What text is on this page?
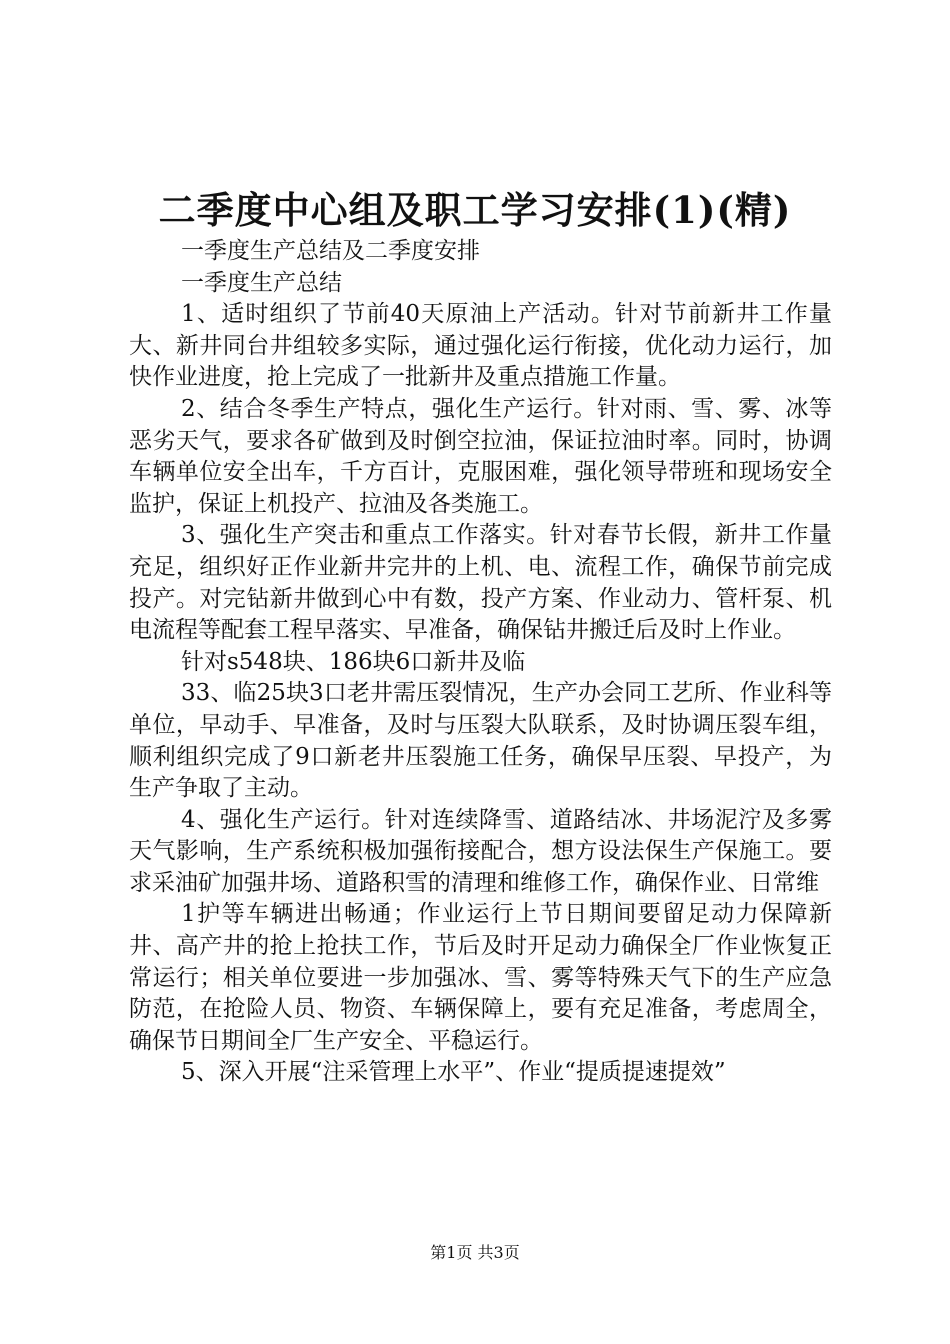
二季度中心组及职工学习安排(1)(精)

一季度生产总结及二季度安排

一季度生产总结

1、适时组织了节前40天原油上产活动。针对节前新井工作量大、新井同台井组较多实际，通过强化运行衔接，优化动力运行，加快作业进度，抢上完成了一批新井及重点措施工作量。

2、结合冬季生产特点，强化生产运行。针对雨、雪、雾、冰等恶劣天气，要求各矿做到及时倒空拉油，保证拉油时率。同时，协调车辆单位安全出车，千方百计，克服困难，强化领导带班和现场安全监护，保证上机投产、拉油及各类施工。

3、强化生产突击和重点工作落实。针对春节长假，新井工作量充足，组织好正作业新井完井的上机、电、流程工作，确保节前完成投产。对完钻新井做到心中有数，投产方案、作业动力、管杆泵、机电流程等配套工程早落实、早准备，确保钻井搬迁后及时上作业。

针对s548块、186块6口新井及临

33、临25块3口老井需压裂情况，生产办会同工艺所、作业科等单位，早动手、早准备，及时与压裂大队联系，及时协调压裂车组，顺利组织完成了9口新老井压裂施工任务，确保早压裂、早投产，为生产争取了主动。

4、强化生产运行。针对连续降雪、道路结冰、井场泥泞及多雾天气影响，生产系统积极加强衔接配合，想方设法保生产保施工。要求采油矿加强井场、道路积雪的清理和维修工作，确保作业、日常维

1护等车辆进出畅通；作业运行上节日期间要留足动力保障新井、高产井的抢上抢扶工作，节后及时开足动力确保全厂作业恢复正常运行；相关单位要进一步加强冰、雪、雾等特殊天气下的生产应急防范，在抢险人员、物资、车辆保障上，要有充足准备，考虑周全，确保节日期间全厂生产安全、平稳运行。

5、深入开展“注采管理上水平”、作业“提质提速提效”

第1页 共3页
